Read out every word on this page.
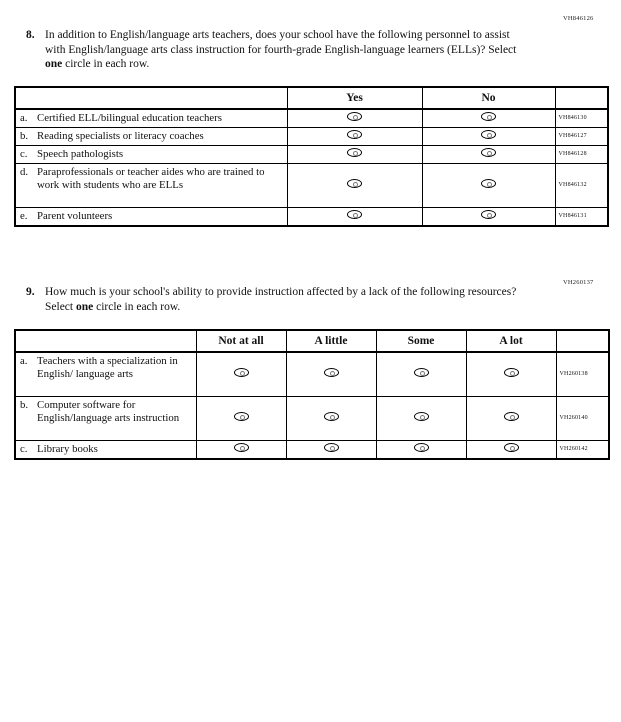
VH846126
8. In addition to English/language arts teachers, does your school have the following personnel to assist with English/language arts class instruction for fourth-grade English-language learners (ELLs)? Select one circle in each row.

	Yes	No	

a. Certified ELL/bilingual education teachers			VH846130

b. Reading specialists or literacy coaches			VH846127

c. Speech pathologists			VH846128

d. Paraprofessionals or teacher aides who are trained to work with students who are ELLs			VH846132

e. Parent volunteers			VH846131
VH260137
9. How much is your school's ability to provide instruction affected by a lack of the following resources? Select one circle in each row.

	Not at all	A little	Some	A lot	

a. Teachers with a specialization in English/ language arts					VH260138

b. Computer software for English/language arts instruction					VH260140

c. Library books					VH260142
